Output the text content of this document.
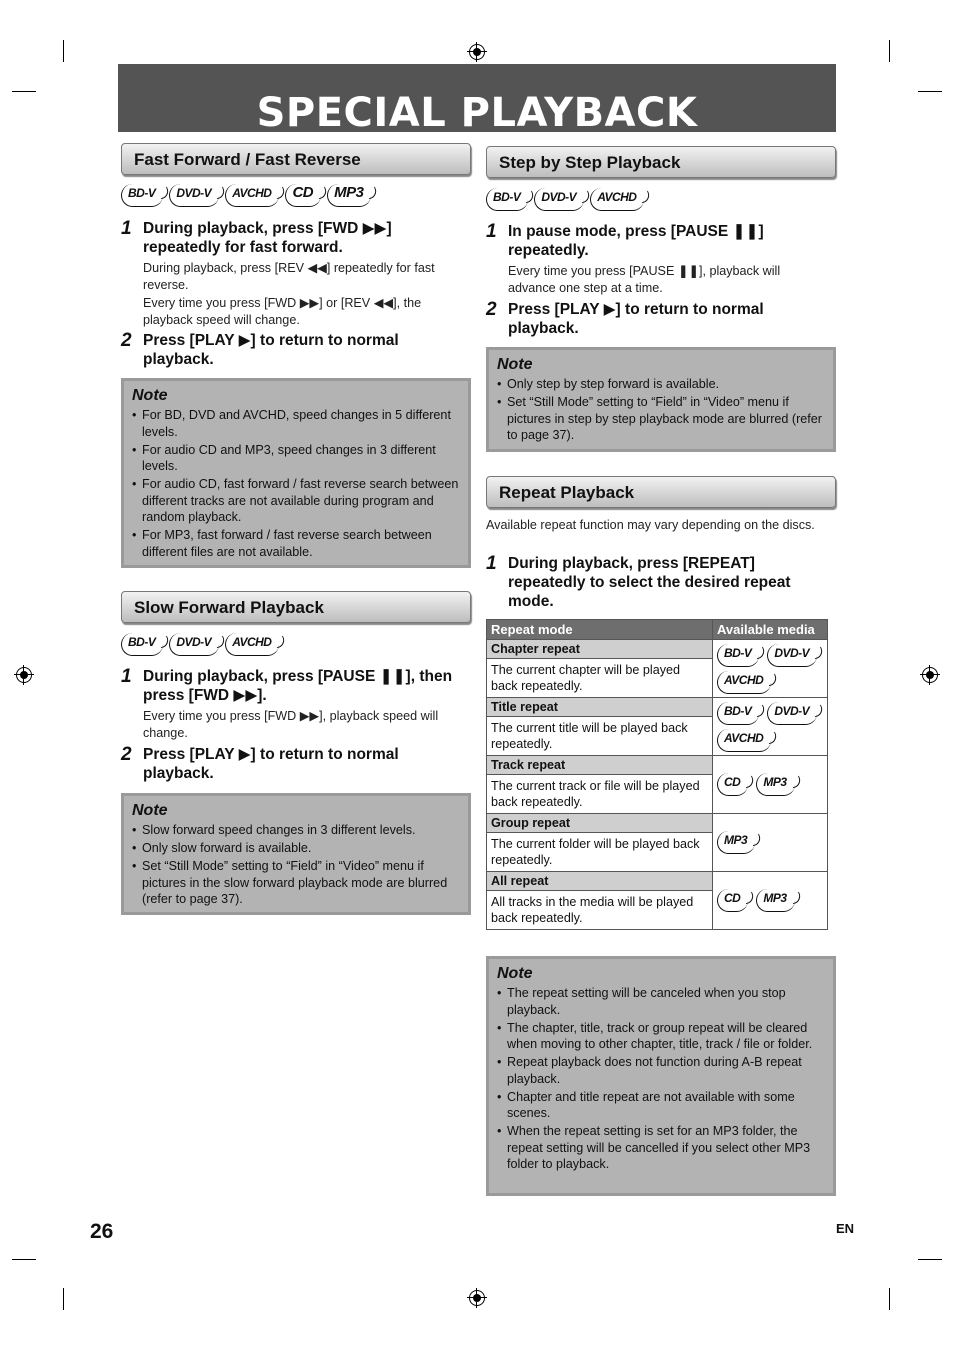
SPECIAL PLAYBACK
Fast Forward / Fast Reverse
BD-V	DVD-V	AVCHD	CD	MP3
1 During playback, press [FWD ▶▶] repeatedly for fast forward.

During playback, press [REV ◀◀] repeatedly for fast reverse.

Every time you press [FWD ▶▶] or [REV ◀◀], the playback speed will change.

2 Press [PLAY ▶] to return to normal playback.
Note
• For BD, DVD and AVCHD, speed changes in 5 different levels.
• For audio CD and MP3, speed changes in 3 different levels.
• For audio CD, fast forward / fast reverse search between different tracks are not available during program and random playback.
• For MP3, fast forward / fast reverse search between different files are not available.
Slow Forward Playback
BD-V	DVD-V	AVCHD
1 During playback, press [PAUSE ❚❚], then press [FWD ▶▶].
Every time you press [FWD ▶▶], playback speed will change.
2 Press [PLAY ▶] to return to normal playback.
Note
• Slow forward speed changes in 3 different levels.
• Only slow forward is available.
• Set “Still Mode” setting to “Field” in “Video” menu if pictures in the slow forward playback mode are blurred (refer to page 37).
Step by Step Playback
BD-V	DVD-V	AVCHD
1 In pause mode, press [PAUSE ❚❚] repeatedly.
Every time you press [PAUSE ❚❚], playback will advance one step at a time.
2 Press [PLAY ▶] to return to normal playback.
Note
• Only step by step forward is available.
• Set “Still Mode” setting to “Field” in “Video” menu if pictures in step by step playback mode are blurred (refer to page 37).
Repeat Playback
Available repeat function may vary depending on the discs.
1 During playback, press [REPEAT] repeatedly to select the desired repeat mode.
Repeat mode	Available media
Chapter repeat	BD-V DVD-V
AVCHD

The current chapter will be played back repeatedly.	
Title repeat	BD-V DVD-V
AVCHD

The current title will be played back repeatedly.	
Track repeat	CD MP3

The current track or file will be played back repeatedly.	
Group repeat	MP3

The current folder will be played back repeatedly.	
All repeat	CD MP3

All tracks in the media will be played back repeatedly.	
Note
• The repeat setting will be canceled when you stop playback.
• The chapter, title, track or group repeat will be cleared when moving to other chapter, title, track / file or folder.
• Repeat playback does not function during A-B repeat playback.
• Chapter and title repeat are not available with some scenes.
• When the repeat setting is set for an MP3 folder, the repeat setting will be cancelled if you select other MP3 folder to playback.
26	EN
